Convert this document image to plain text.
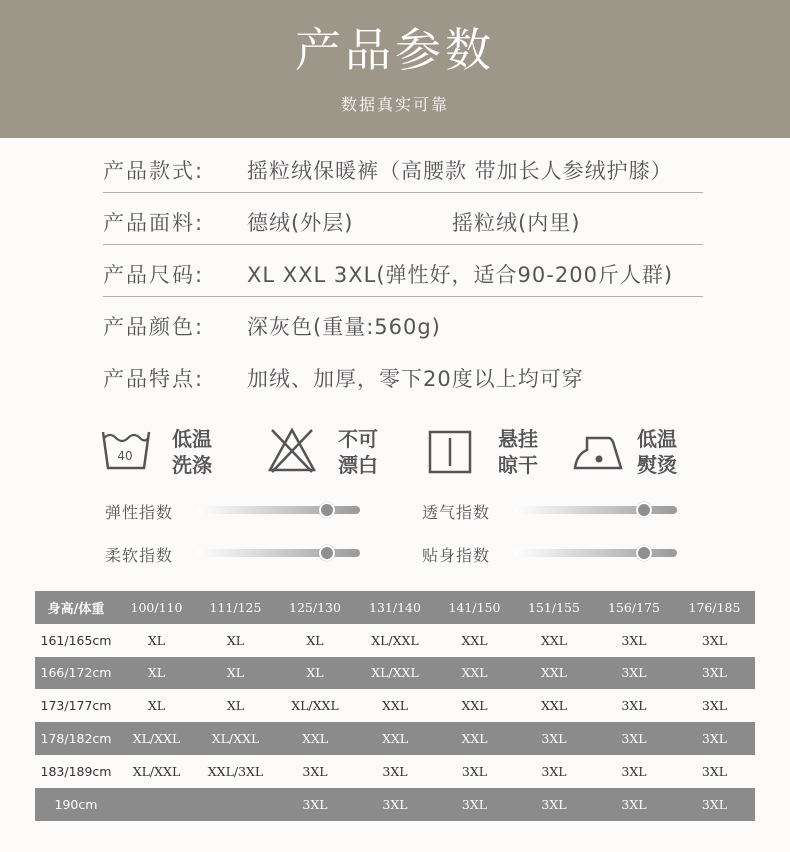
产品参数
数据真实可靠
产品款式: 摇粒绒保暖裤（高腰款 带加长人参绒护膝）
产品面料: 德绒(外层)	摇粒绒(内里)
产品尺码: XL XXL 3XL(弹性好，适合90-200斤人群)
产品颜色: 深灰色(重量:560g)
产品特点: 加绒、加厚，零下20度以上均可穿
40
低温
洗涤
不可
漂白
悬挂
晾干
低温
熨烫
弹性指数	透气指数
柔软指数	贴身指数
身高/体重	100/110	111/125	125/130	131/140	141/150	151/155	156/175	176/185
161/165cm	XL	XL	XL	XL/XXL	XXL	XXL	3XL	3XL
166/172cm	XL	XL	XL	XL/XXL	XXL	XXL	3XL	3XL
173/177cm	XL	XL	XL/XXL	XXL	XXL	XXL	3XL	3XL
178/182cm	XL/XXL	XL/XXL	XXL	XXL	XXL	3XL	3XL	3XL
183/189cm	XL/XXL	XXL/3XL	3XL	3XL	3XL	3XL	3XL	3XL
190cm			3XL	3XL	3XL	3XL	3XL	3XL
